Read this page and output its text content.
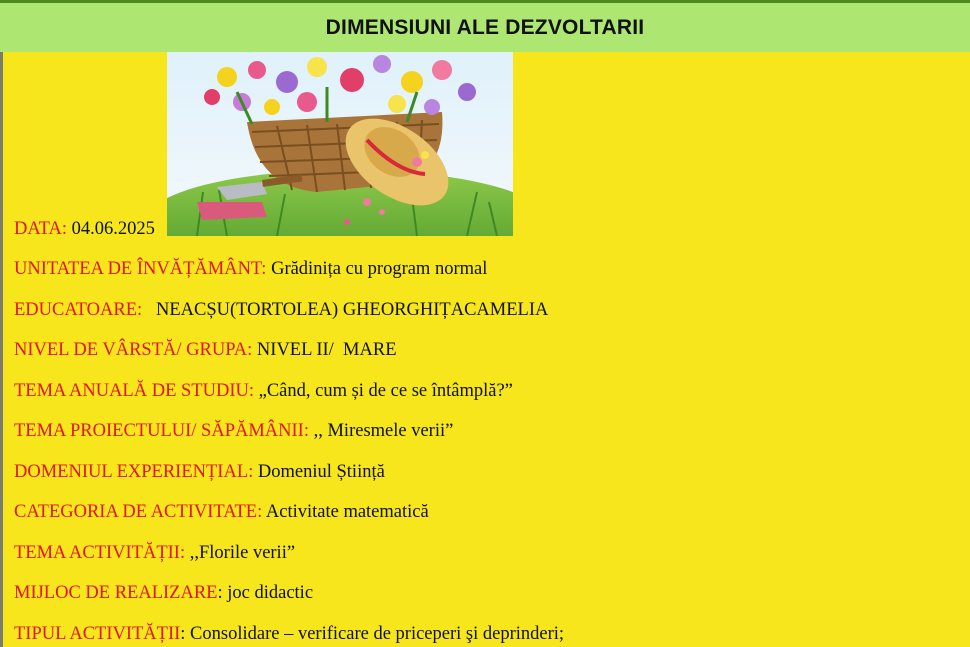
DIMENSIUNI ALE DEZVOLTARII
DATA: 04.06.2025
UNITATEA DE ÎNVĂȚĂMÂNT: Grădinița cu program normal
EDUCATOARE:   NEACȘU(TORTOLEA) GHEORGHIȚACAMELIA
NIVEL DE VÂRSTĂ/ GRUPA: NIVEL II/  MARE
TEMA ANUALĂ DE STUDIU: „Când, cum și de ce se întâmplă?”
TEMA PROIECTULUI/ SĂPĂMÂNII: ,, Miresmele verii”
DOMENIUL EXPERIENȚIAL: Domeniul Știință
CATEGORIA DE ACTIVITATE: Activitate matematică
TEMA ACTIVITĂȚII: ,,Florile verii”
MIJLOC DE REALIZARE: joc didactic
TIPUL ACTIVITĂȚII: Consolidare – verificare de priceperi şi deprinderi;
